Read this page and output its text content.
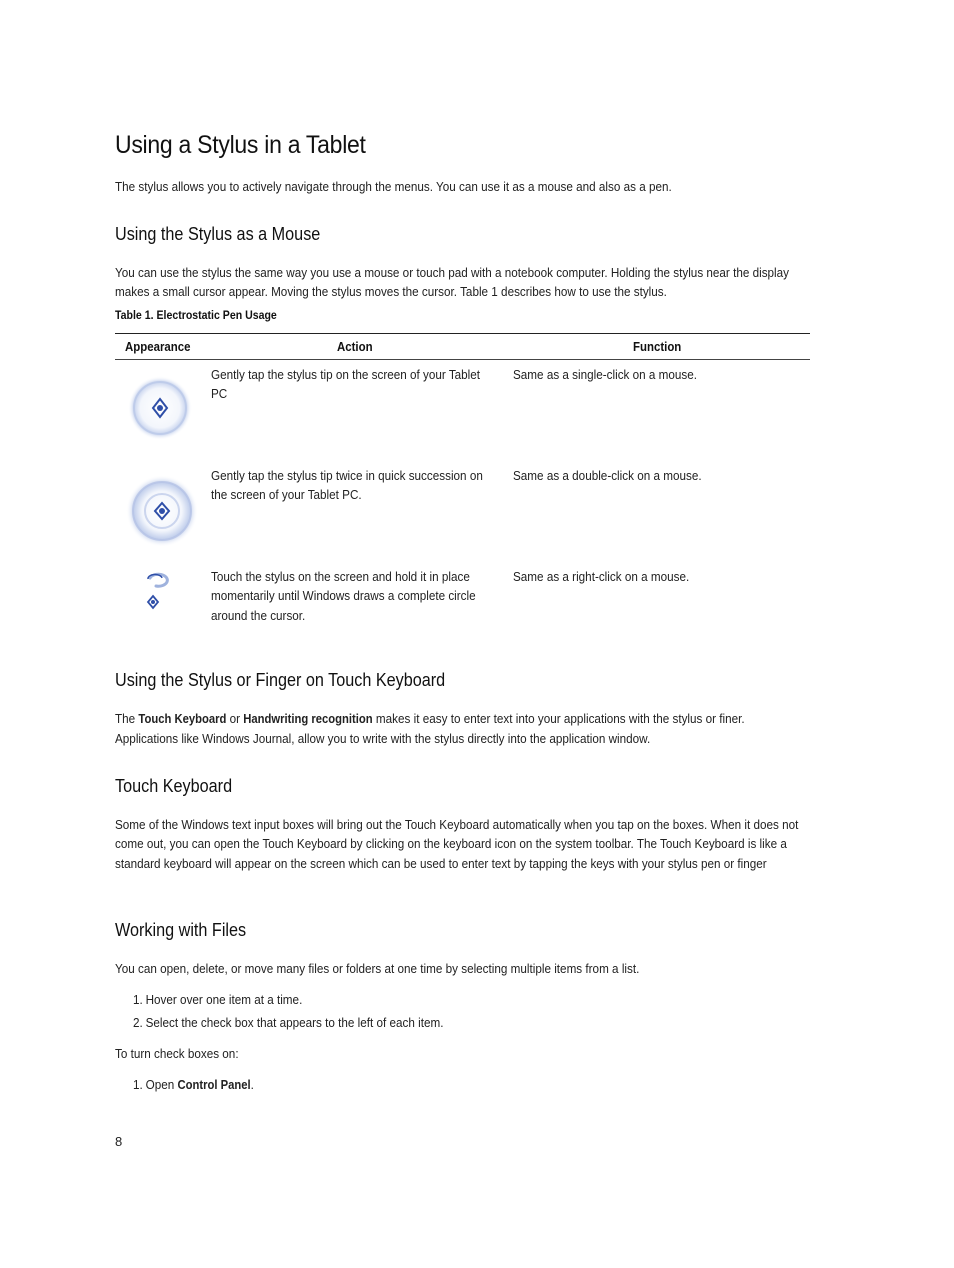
Using a Stylus in a Tablet

The stylus allows you to actively navigate through the menus. You can use it as a mouse and also as a pen.

Using the Stylus as a Mouse

You can use the stylus the same way you use a mouse or touch pad with a notebook computer. Holding the stylus near the display makes a small cursor appear. Moving the stylus moves the cursor. Table 1 describes how to use the stylus.

Table 1. Electrostatic Pen Usage
Appearance	Action	Function
Gently tap the stylus tip on the screen of your Tablet PC
Same as a single-click on a mouse.
Gently tap the stylus tip twice in quick succession on the screen of your Tablet PC.
Same as a double-click on a mouse.
Touch the stylus on the screen and hold it in place momentarily until Windows draws a complete circle around the cursor.
Same as a right-click on a mouse.
Using the Stylus or Finger on Touch Keyboard
The Touch Keyboard or Handwriting recognition makes it easy to enter text into your applications with the stylus or finer.
Applications like Windows Journal, allow you to write with the stylus directly into the application window.
Touch Keyboard

Some of the Windows text input boxes will bring out the Touch Keyboard automatically when you tap on the boxes. When it does not come out, you can open the Touch Keyboard by clicking on the keyboard icon on the system toolbar. The Touch Keyboard is like a standard keyboard will appear on the screen which can be used to enter text by tapping the keys with your stylus pen or finger

Working with Files

You can open, delete, or move many files or folders at one time by selecting multiple items from a list.

1. Hover over one item at a time.
2. Select the check box that appears to the left of each item.

To turn check boxes on:

1. Open Control Panel.
8
